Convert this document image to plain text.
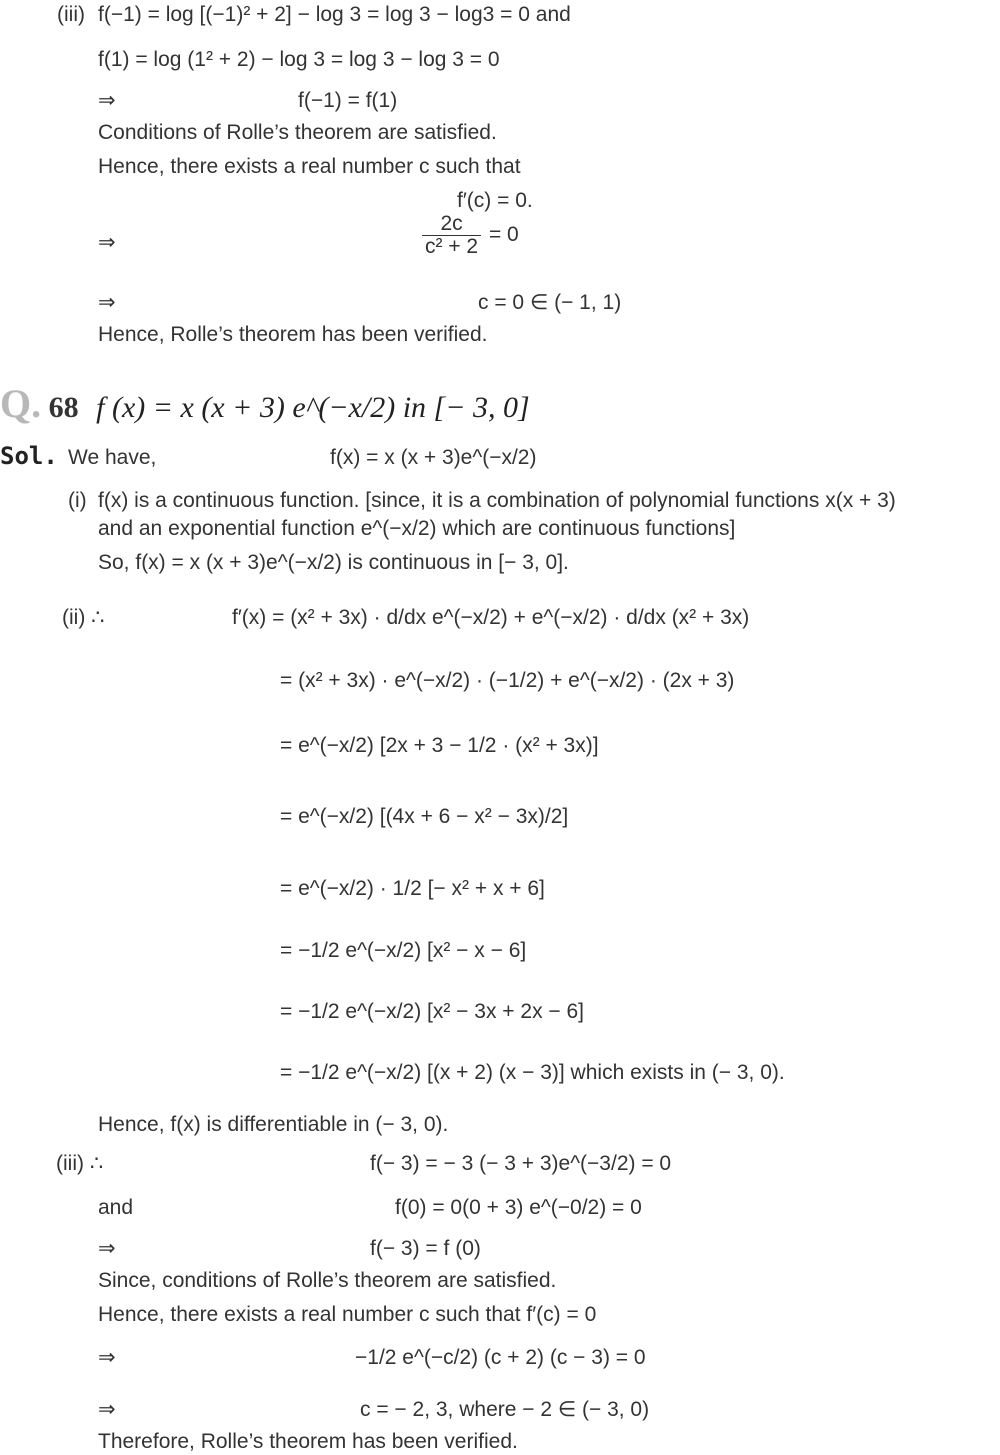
(iii) f(−1) = log [(−1)² + 2] − log 3 = log 3 − log3 = 0 and
f(1) = log (1² + 2) − log 3 = log 3 − log 3 = 0
⇒	f(−1) = f(1)
Conditions of Rolle’s theorem are satisfied.
Hence, there exists a real number c such that
f′(c) = 0.
⇒	$\frac{2c}{\text{c² + 2}} = 0$
⇒	c = 0 ∈ (− 1, 1)
Hence, Rolle’s theorem has been verified.
Q. 68 f (x) = x (x + 3) e^(−x/2) in [− 3, 0]
Sol. We have,	f(x) = x (x + 3)e^(−x/2)
(i) f(x) is a continuous function. [since, it is a combination of polynomial functions x(x + 3)
and an exponential function e^(−x/2) which are continuous functions]
So, f(x) = x (x + 3)e^(−x/2) is continuous in [− 3, 0].
(ii) ∴	f′(x) = (x² + 3x) · d/dx e^(−x/2) + e^(−x/2) · d/dx (x² + 3x)
= (x² + 3x) · e^(−x/2) · (−1/2) + e^(−x/2) · (2x + 3)
= e^(−x/2) [2x + 3 − 1/2 · (x² + 3x)]
= e^(−x/2) [(4x + 6 − x² − 3x)/2]
= e^(−x/2) · 1/2 [− x² + x + 6]
= −1/2 e^(−x/2) [x² − x − 6]
= −1/2 e^(−x/2) [x² − 3x + 2x − 6]
= −1/2 e^(−x/2) [(x + 2) (x − 3)] which exists in (− 3, 0).
Hence, f(x) is differentiable in (− 3, 0).
(iii) ∴	f(− 3) = − 3 (− 3 + 3)e^(−3/2) = 0
and	f(0) = 0(0 + 3) e^(−0/2) = 0
⇒	f(− 3) = f (0)
Since, conditions of Rolle’s theorem are satisfied.
Hence, there exists a real number c such that f′(c) = 0
⇒	−1/2 e^(−c/2) (c + 2) (c − 3) = 0
⇒	c = − 2, 3, where − 2 ∈ (− 3, 0)
Therefore, Rolle’s theorem has been verified.
